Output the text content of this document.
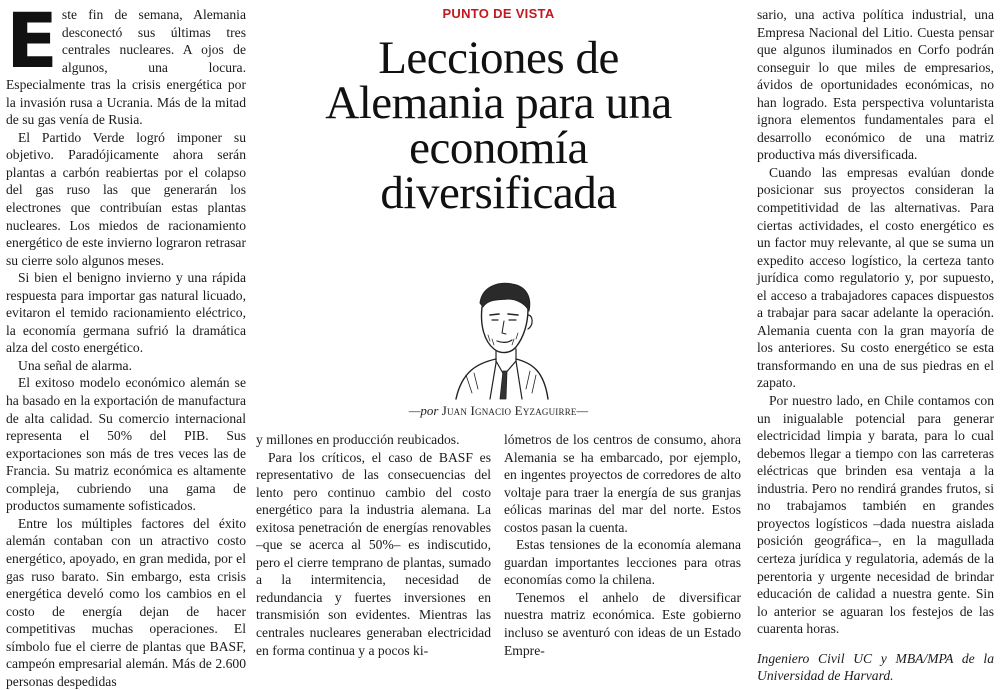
E ste fin de semana, Alemania desconectó sus últimas tres centrales nucleares. A ojos de algunos, una locura. Especialmente tras la crisis energética por la invasión rusa a Ucrania. Más de la mitad de su gas venía de Rusia.

El Partido Verde logró imponer su objetivo. Paradójicamente ahora serán plantas a carbón reabiertas por el colapso del gas ruso las que generarán los electrones que contribuían estas plantas nucleares. Los miedos de racionamiento energético de este invierno lograron retrasar su cierre solo algunos meses.

Si bien el benigno invierno y una rápida respuesta para importar gas natural licuado, evitaron el temido racionamiento eléctrico, la economía germana sufrió la dramática alza del costo energético.

Una señal de alarma.

El exitoso modelo económico alemán se ha basado en la exportación de manufactura de alta calidad. Su comercio internacional representa el 50% del PIB. Sus exportaciones son más de tres veces las de Francia. Su matriz económica es altamente compleja, cubriendo una gama de productos sumamente sofisticados.

Entre los múltiples factores del éxito alemán contaban con un atractivo costo energético, apoyado, en gran medida, por el gas ruso barato. Sin embargo, esta crisis energética develó como los cambios en el costo de energía dejan de hacer competitivas muchas operaciones. El símbolo fue el cierre de plantas que BASF, campeón empresarial alemán. Más de 2.600 personas despedidas

PUNTO DE VISTA
Lecciones de
Alemania para una
economía
diversificada
—por Juan Ignacio Eyzaguirre—

y millones en producción reubicados.

Para los críticos, el caso de BASF es representativo de las consecuencias del lento pero continuo cambio del costo energético para la industria alemana. La exitosa penetración de energías renovables –que se acerca al 50%– es indiscutido, pero el cierre temprano de plantas, sumado a la intermitencia, necesidad de redundancia y fuertes inversiones en transmisión son evidentes. Mientras las centrales nucleares generaban electricidad en forma continua y a pocos ki-

lómetros de los centros de consumo, ahora Alemania se ha embarcado, por ejemplo, en ingentes proyectos de corredores de alto voltaje para traer la energía de sus granjas eólicas marinas del mar del norte. Estos costos pasan la cuenta.

Estas tensiones de la economía alemana guardan importantes lecciones para otras economías como la chilena.

Tenemos el anhelo de diversificar nuestra matriz económica. Este gobierno incluso se aventuró con ideas de un Estado Empre-

sario, una activa política industrial, una Empresa Nacional del Litio. Cuesta pensar que algunos iluminados en Corfo podrán conseguir lo que miles de empresarios, ávidos de oportunidades económicas, no han logrado. Esta perspectiva voluntarista ignora elementos fundamentales para el desarrollo económico de una matriz productiva más diversificada.

Cuando las empresas evalúan donde posicionar sus proyectos consideran la competitividad de las alternativas. Para ciertas actividades, el costo energético es un factor muy relevante, al que se suma un expedito acceso logístico, la certeza tanto jurídica como regulatorio y, por supuesto, el acceso a trabajadores capaces dispuestos a trabajar para sacar adelante la operación. Alemania cuenta con la gran mayoría de los anteriores. Su costo energético se esta transformando en una de sus piedras en el zapato.

Por nuestro lado, en Chile contamos con un inigualable potencial para generar electricidad limpia y barata, para lo cual debemos llegar a tiempo con las carreteras eléctricas que brinden esa ventaja a la industria. Pero no rendirá grandes frutos, si no trabajamos también en grandes proyectos logísticos –dada nuestra aislada posición geográfica–, en la magullada certeza jurídica y regulatoria, además de la perentoria y urgente necesidad de brindar educación de calidad a nuestra gente. Sin lo anterior se aguaran los festejos de las cuarenta horas.

Ingeniero Civil UC y MBA/MPA de la Universidad de Harvard.
